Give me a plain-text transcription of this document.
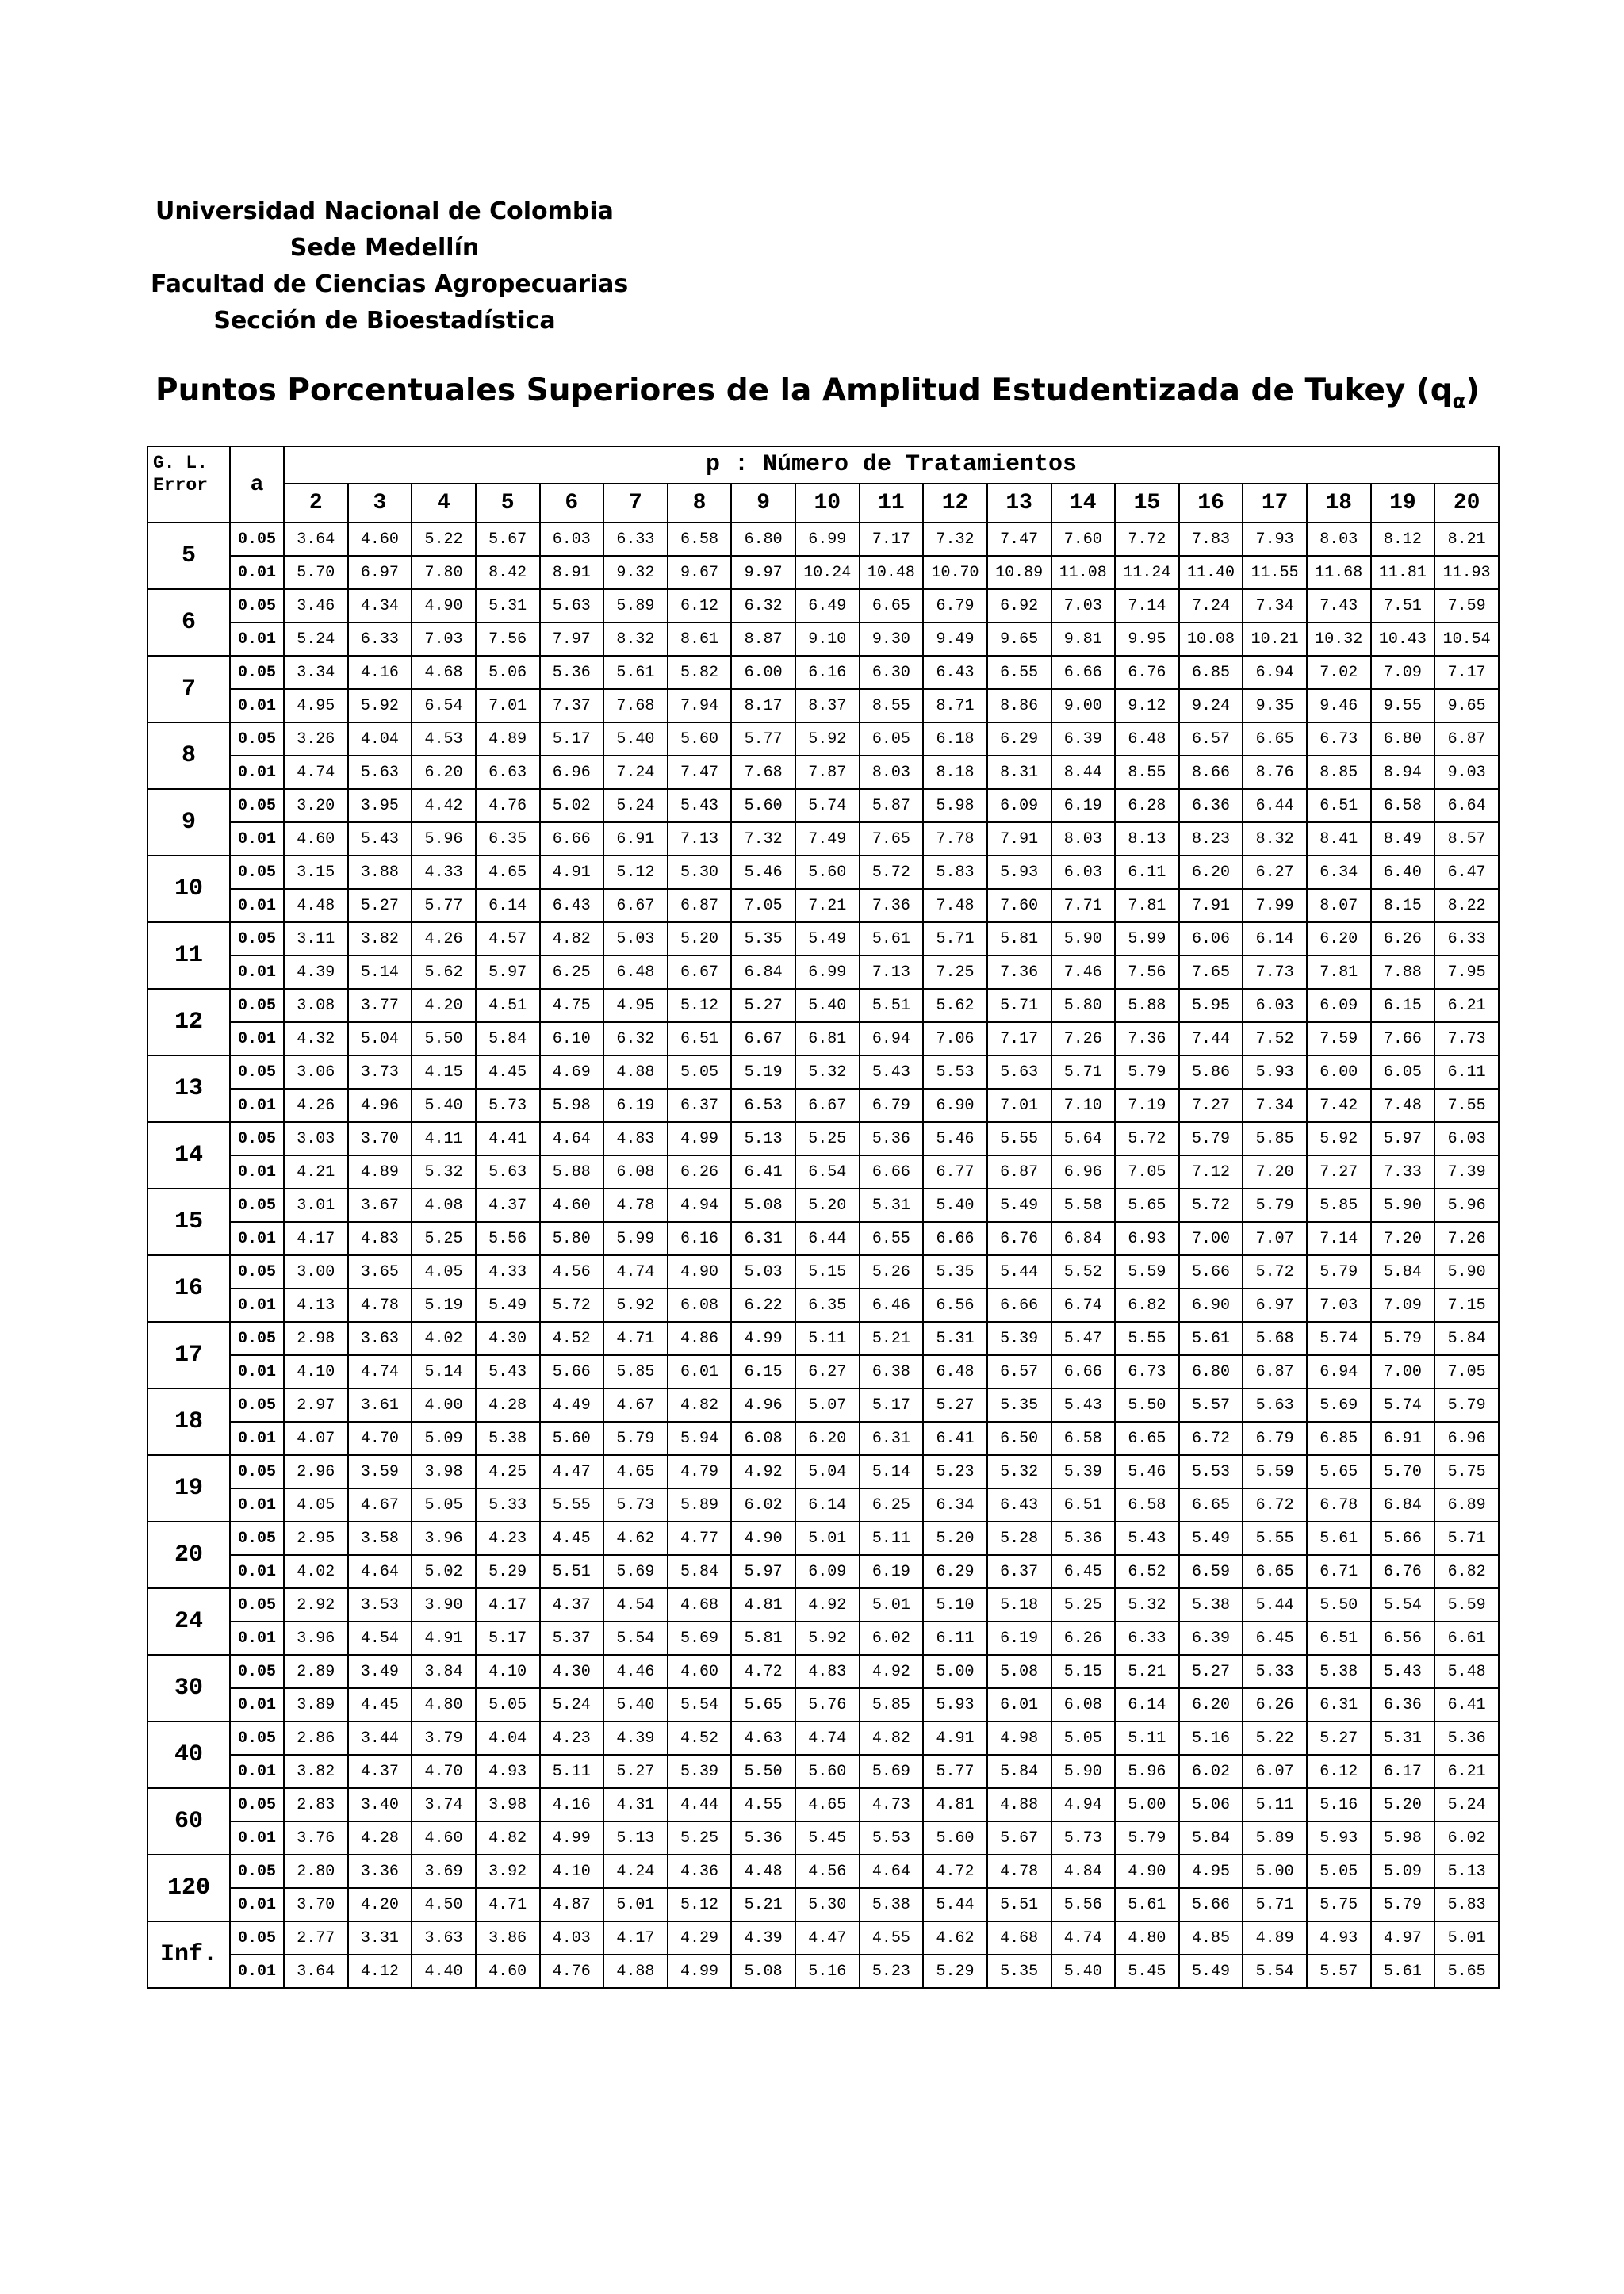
Universidad Nacional de Colombia
Sede Medellín
Facultad de Ciencias Agropecuarias
Sección de Bioestadística
Puntos Porcentuales Superiores de la Amplitud Estudentizada de Tukey $(q_\alpha)$
G. L.
Error	a	p : Número de Tratamientos																		
		2	3	4	5	6	7	8	9	10	11	12	13	14	15	16	17	18	19	20
5	0.05	3.64	4.60	5.22	5.67	6.03	6.33	6.58	6.80	6.99	7.17	7.32	7.47	7.60	7.72	7.83	7.93	8.03	8.12	8.21
	0.01	5.70	6.97	7.80	8.42	8.91	9.32	9.67	9.97	10.24	10.48	10.70	10.89	11.08	11.24	11.40	11.55	11.68	11.81	11.93
6	0.05	3.46	4.34	4.90	5.31	5.63	5.89	6.12	6.32	6.49	6.65	6.79	6.92	7.03	7.14	7.24	7.34	7.43	7.51	7.59
	0.01	5.24	6.33	7.03	7.56	7.97	8.32	8.61	8.87	9.10	9.30	9.49	9.65	9.81	9.95	10.08	10.21	10.32	10.43	10.54
7	0.05	3.34	4.16	4.68	5.06	5.36	5.61	5.82	6.00	6.16	6.30	6.43	6.55	6.66	6.76	6.85	6.94	7.02	7.09	7.17
	0.01	4.95	5.92	6.54	7.01	7.37	7.68	7.94	8.17	8.37	8.55	8.71	8.86	9.00	9.12	9.24	9.35	9.46	9.55	9.65
8	0.05	3.26	4.04	4.53	4.89	5.17	5.40	5.60	5.77	5.92	6.05	6.18	6.29	6.39	6.48	6.57	6.65	6.73	6.80	6.87
	0.01	4.74	5.63	6.20	6.63	6.96	7.24	7.47	7.68	7.87	8.03	8.18	8.31	8.44	8.55	8.66	8.76	8.85	8.94	9.03
9	0.05	3.20	3.95	4.42	4.76	5.02	5.24	5.43	5.60	5.74	5.87	5.98	6.09	6.19	6.28	6.36	6.44	6.51	6.58	6.64
	0.01	4.60	5.43	5.96	6.35	6.66	6.91	7.13	7.32	7.49	7.65	7.78	7.91	8.03	8.13	8.23	8.32	8.41	8.49	8.57
10	0.05	3.15	3.88	4.33	4.65	4.91	5.12	5.30	5.46	5.60	5.72	5.83	5.93	6.03	6.11	6.20	6.27	6.34	6.40	6.47
	0.01	4.48	5.27	5.77	6.14	6.43	6.67	6.87	7.05	7.21	7.36	7.48	7.60	7.71	7.81	7.91	7.99	8.07	8.15	8.22
11	0.05	3.11	3.82	4.26	4.57	4.82	5.03	5.20	5.35	5.49	5.61	5.71	5.81	5.90	5.99	6.06	6.14	6.20	6.26	6.33
	0.01	4.39	5.14	5.62	5.97	6.25	6.48	6.67	6.84	6.99	7.13	7.25	7.36	7.46	7.56	7.65	7.73	7.81	7.88	7.95
12	0.05	3.08	3.77	4.20	4.51	4.75	4.95	5.12	5.27	5.40	5.51	5.62	5.71	5.80	5.88	5.95	6.03	6.09	6.15	6.21
	0.01	4.32	5.04	5.50	5.84	6.10	6.32	6.51	6.67	6.81	6.94	7.06	7.17	7.26	7.36	7.44	7.52	7.59	7.66	7.73
13	0.05	3.06	3.73	4.15	4.45	4.69	4.88	5.05	5.19	5.32	5.43	5.53	5.63	5.71	5.79	5.86	5.93	6.00	6.05	6.11
	0.01	4.26	4.96	5.40	5.73	5.98	6.19	6.37	6.53	6.67	6.79	6.90	7.01	7.10	7.19	7.27	7.34	7.42	7.48	7.55
14	0.05	3.03	3.70	4.11	4.41	4.64	4.83	4.99	5.13	5.25	5.36	5.46	5.55	5.64	5.72	5.79	5.85	5.92	5.97	6.03
	0.01	4.21	4.89	5.32	5.63	5.88	6.08	6.26	6.41	6.54	6.66	6.77	6.87	6.96	7.05	7.12	7.20	7.27	7.33	7.39
15	0.05	3.01	3.67	4.08	4.37	4.60	4.78	4.94	5.08	5.20	5.31	5.40	5.49	5.58	5.65	5.72	5.79	5.85	5.90	5.96
	0.01	4.17	4.83	5.25	5.56	5.80	5.99	6.16	6.31	6.44	6.55	6.66	6.76	6.84	6.93	7.00	7.07	7.14	7.20	7.26
16	0.05	3.00	3.65	4.05	4.33	4.56	4.74	4.90	5.03	5.15	5.26	5.35	5.44	5.52	5.59	5.66	5.72	5.79	5.84	5.90
	0.01	4.13	4.78	5.19	5.49	5.72	5.92	6.08	6.22	6.35	6.46	6.56	6.66	6.74	6.82	6.90	6.97	7.03	7.09	7.15
17	0.05	2.98	3.63	4.02	4.30	4.52	4.71	4.86	4.99	5.11	5.21	5.31	5.39	5.47	5.55	5.61	5.68	5.74	5.79	5.84
	0.01	4.10	4.74	5.14	5.43	5.66	5.85	6.01	6.15	6.27	6.38	6.48	6.57	6.66	6.73	6.80	6.87	6.94	7.00	7.05
18	0.05	2.97	3.61	4.00	4.28	4.49	4.67	4.82	4.96	5.07	5.17	5.27	5.35	5.43	5.50	5.57	5.63	5.69	5.74	5.79
	0.01	4.07	4.70	5.09	5.38	5.60	5.79	5.94	6.08	6.20	6.31	6.41	6.50	6.58	6.65	6.72	6.79	6.85	6.91	6.96
19	0.05	2.96	3.59	3.98	4.25	4.47	4.65	4.79	4.92	5.04	5.14	5.23	5.32	5.39	5.46	5.53	5.59	5.65	5.70	5.75
	0.01	4.05	4.67	5.05	5.33	5.55	5.73	5.89	6.02	6.14	6.25	6.34	6.43	6.51	6.58	6.65	6.72	6.78	6.84	6.89
20	0.05	2.95	3.58	3.96	4.23	4.45	4.62	4.77	4.90	5.01	5.11	5.20	5.28	5.36	5.43	5.49	5.55	5.61	5.66	5.71
	0.01	4.02	4.64	5.02	5.29	5.51	5.69	5.84	5.97	6.09	6.19	6.29	6.37	6.45	6.52	6.59	6.65	6.71	6.76	6.82
24	0.05	2.92	3.53	3.90	4.17	4.37	4.54	4.68	4.81	4.92	5.01	5.10	5.18	5.25	5.32	5.38	5.44	5.50	5.54	5.59
	0.01	3.96	4.54	4.91	5.17	5.37	5.54	5.69	5.81	5.92	6.02	6.11	6.19	6.26	6.33	6.39	6.45	6.51	6.56	6.61
30	0.05	2.89	3.49	3.84	4.10	4.30	4.46	4.60	4.72	4.83	4.92	5.00	5.08	5.15	5.21	5.27	5.33	5.38	5.43	5.48
	0.01	3.89	4.45	4.80	5.05	5.24	5.40	5.54	5.65	5.76	5.85	5.93	6.01	6.08	6.14	6.20	6.26	6.31	6.36	6.41
40	0.05	2.86	3.44	3.79	4.04	4.23	4.39	4.52	4.63	4.74	4.82	4.91	4.98	5.05	5.11	5.16	5.22	5.27	5.31	5.36
	0.01	3.82	4.37	4.70	4.93	5.11	5.27	5.39	5.50	5.60	5.69	5.77	5.84	5.90	5.96	6.02	6.07	6.12	6.17	6.21
60	0.05	2.83	3.40	3.74	3.98	4.16	4.31	4.44	4.55	4.65	4.73	4.81	4.88	4.94	5.00	5.06	5.11	5.16	5.20	5.24
	0.01	3.76	4.28	4.60	4.82	4.99	5.13	5.25	5.36	5.45	5.53	5.60	5.67	5.73	5.79	5.84	5.89	5.93	5.98	6.02
120	0.05	2.80	3.36	3.69	3.92	4.10	4.24	4.36	4.48	4.56	4.64	4.72	4.78	4.84	4.90	4.95	5.00	5.05	5.09	5.13
	0.01	3.70	4.20	4.50	4.71	4.87	5.01	5.12	5.21	5.30	5.38	5.44	5.51	5.56	5.61	5.66	5.71	5.75	5.79	5.83
Inf.	0.05	2.77	3.31	3.63	3.86	4.03	4.17	4.29	4.39	4.47	4.55	4.62	4.68	4.74	4.80	4.85	4.89	4.93	4.97	5.01
	0.01	3.64	4.12	4.40	4.60	4.76	4.88	4.99	5.08	5.16	5.23	5.29	5.35	5.40	5.45	5.49	5.54	5.57	5.61	5.65
